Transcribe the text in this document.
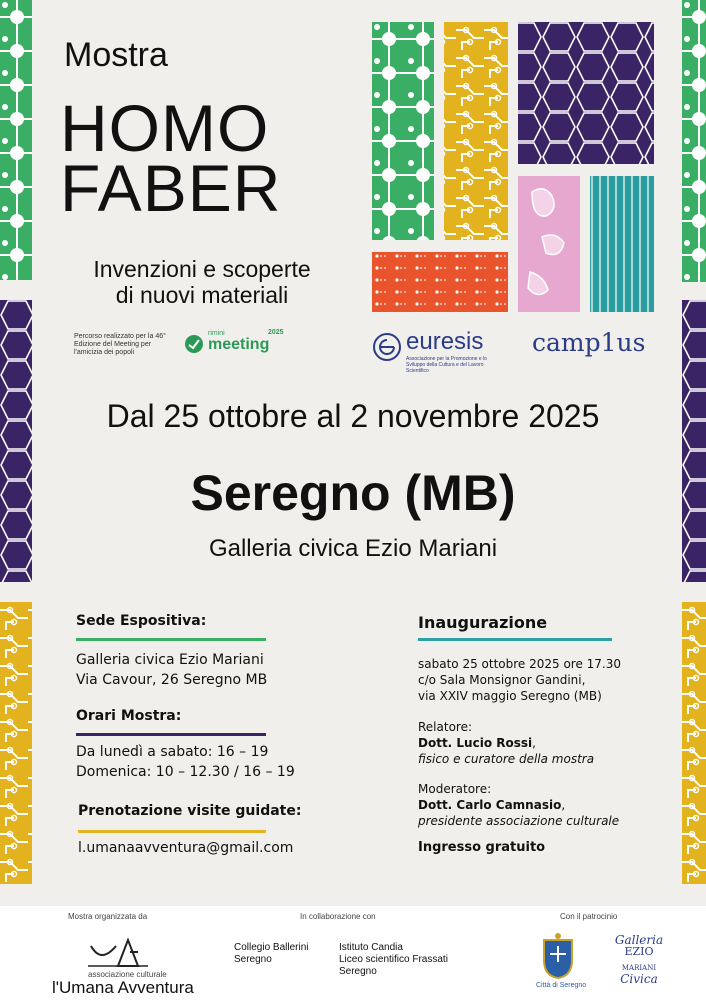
Mostra
HOMO
FABER
Invenzioni e scoperte
di nuovi materiali
Percorso realizzato per la 46° Edizione del Meeting per l'amicizia dei popoli
rimini
meeting
2025	euresis
Associazione per la Promozione e lo Sviluppo della Cultura e del Lavoro Scientifico
camp1us
Dal 25 ottobre al 2 novembre 2025
Seregno (MB)
Galleria civica Ezio Mariani
Sede Espositiva:
Galleria civica Ezio Mariani
Via Cavour, 26 Seregno MB
Orari Mostra:
Da lunedì a sabato: 16 – 19
Domenica: 10 – 12.30 / 16 – 19
Prenotazione visite guidate:
l.umanaavventura@gmail.com
Inaugurazione
sabato 25 ottobre 2025 ore 17.30
c/o Sala Monsignor Gandini,
via XXIV maggio Seregno (MB)
Relatore:
Dott. Lucio Rossi,
fisico e curatore della mostra
Moderatore:
Dott. Carlo Camnasio,
presidente associazione culturale
Ingresso gratuito
Mostra organizzata da
associazione culturale
l'Umana Avventura
In collaborazione con
Collegio Ballerini
Seregno
Istituto Candia
Liceo scientifico Frassati
Seregno
Con il patrocinio
Città di Seregno
Galleria
EZIO
MARIANI
Civica
